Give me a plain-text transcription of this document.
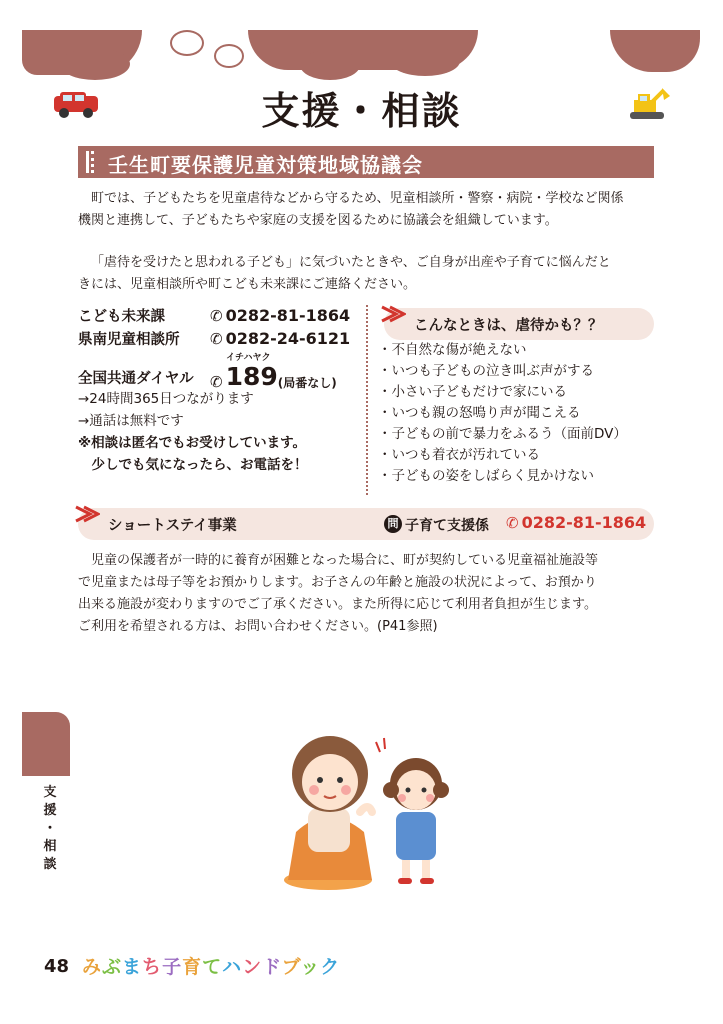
支援・相談
壬生町要保護児童対策地域協議会
町では、子どもたちを児童虐待などから守るため、児童相談所・警察・病院・学校など関係
機関と連携して、子どもたちや家庭の支援を図るために協議会を組織しています。
「虐待を受けたと思われる子ども」に気づいたときや、ご自身が出産や子育てに悩んだと
きには、児童相談所や町こども未来課にご連絡ください。
こども未来課	✆ 0282-81-1864
県南児童相談所 ✆ 0282-24-6121
イチハヤク
全国共通ダイヤル ✆ 189(局番なし)
→24時間365日つながります
→通話は無料です
※相談は匿名でもお受けしています。
　少しでも気になったら、お電話を！
こんなときは、虐待かも？？
・不自然な傷が絶えない
・いつも子どもの泣き叫ぶ声がする
・小さい子どもだけで家にいる
・いつも親の怒鳴り声が聞こえる
・子どもの前で暴力をふるう（面前DV）
・いつも着衣が汚れている
・子どもの姿をしばらく見かけない
ショートステイ事業	問 子育て支援係 ✆ 0282-81-1864
児童の保護者が一時的に養育が困難となった場合に、町が契約している児童福祉施設等
で児童または母子等をお預かりします。お子さんの年齢と施設の状況によって、お預かり
出来る施設が変わりますのでご了承ください。また所得に応じて利用者負担が生じます。
ご利用を希望される方は、お問い合わせください。(P41参照)
支
援
・
相
談
48 みぶまち子育てハンドブック
